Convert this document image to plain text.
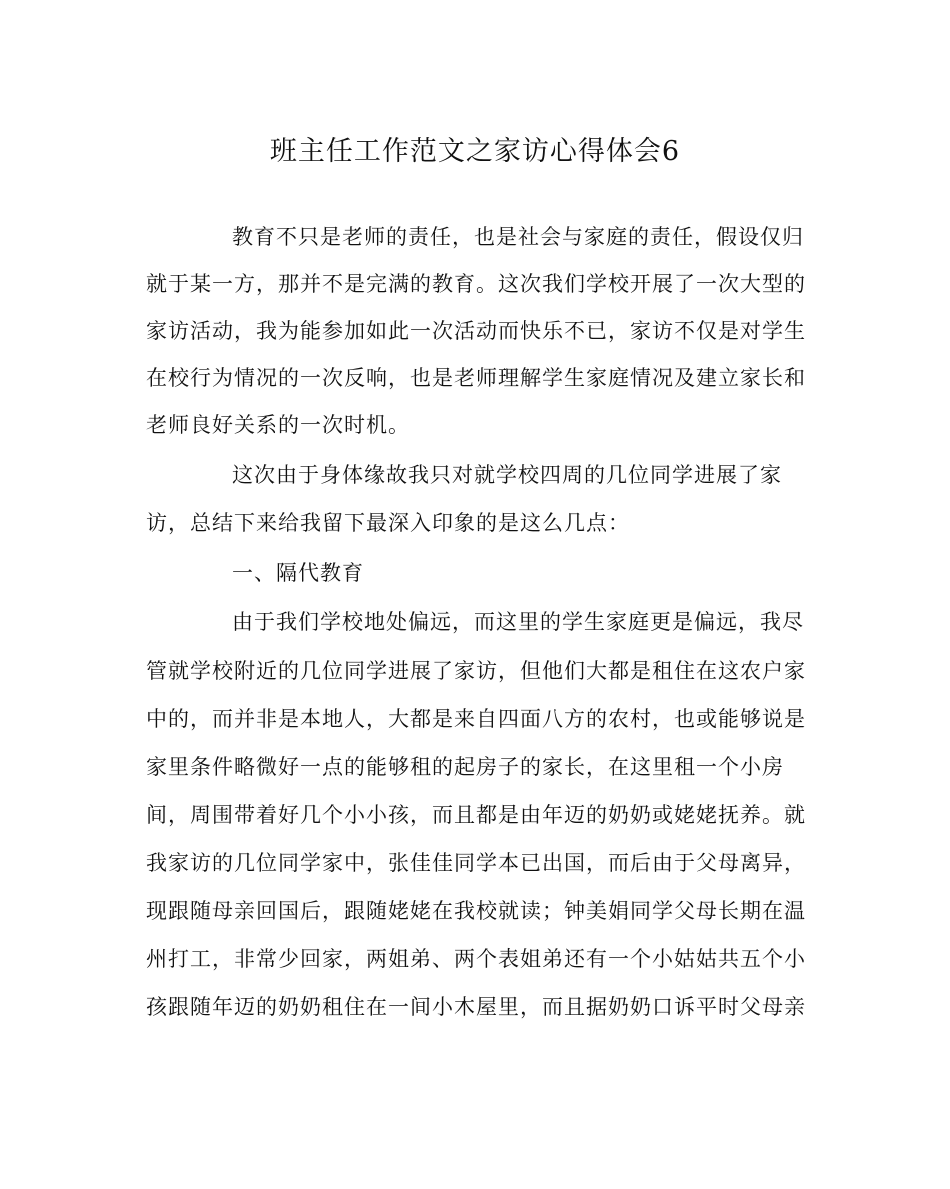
班主任工作范文之家访心得体会6

教育不只是老师的责任，也是社会与家庭的责任，假设仅归

就于某一方，那并不是完满的教育。这次我们学校开展了一次大型的

家访活动，我为能参加如此一次活动而快乐不已，家访不仅是对学生

在校行为情况的一次反响，也是老师理解学生家庭情况及建立家长和

老师良好关系的一次时机。

这次由于身体缘故我只对就学校四周的几位同学进展了家

访，总结下来给我留下最深入印象的是这么几点：

一、隔代教育

由于我们学校地处偏远，而这里的学生家庭更是偏远，我尽

管就学校附近的几位同学进展了家访，但他们大都是租住在这农户家

中的，而并非是本地人，大都是来自四面八方的农村，也或能够说是

家里条件略微好一点的能够租的起房子的家长，在这里租一个小房

间，周围带着好几个小小孩，而且都是由年迈的奶奶或姥姥抚养。就

我家访的几位同学家中，张佳佳同学本已出国，而后由于父母离异，

现跟随母亲回国后，跟随姥姥在我校就读；钟美娟同学父母长期在温

州打工，非常少回家，两姐弟、两个表姐弟还有一个小姑姑共五个小

孩跟随年迈的奶奶租住在一间小木屋里，而且据奶奶口诉平时父母亲
